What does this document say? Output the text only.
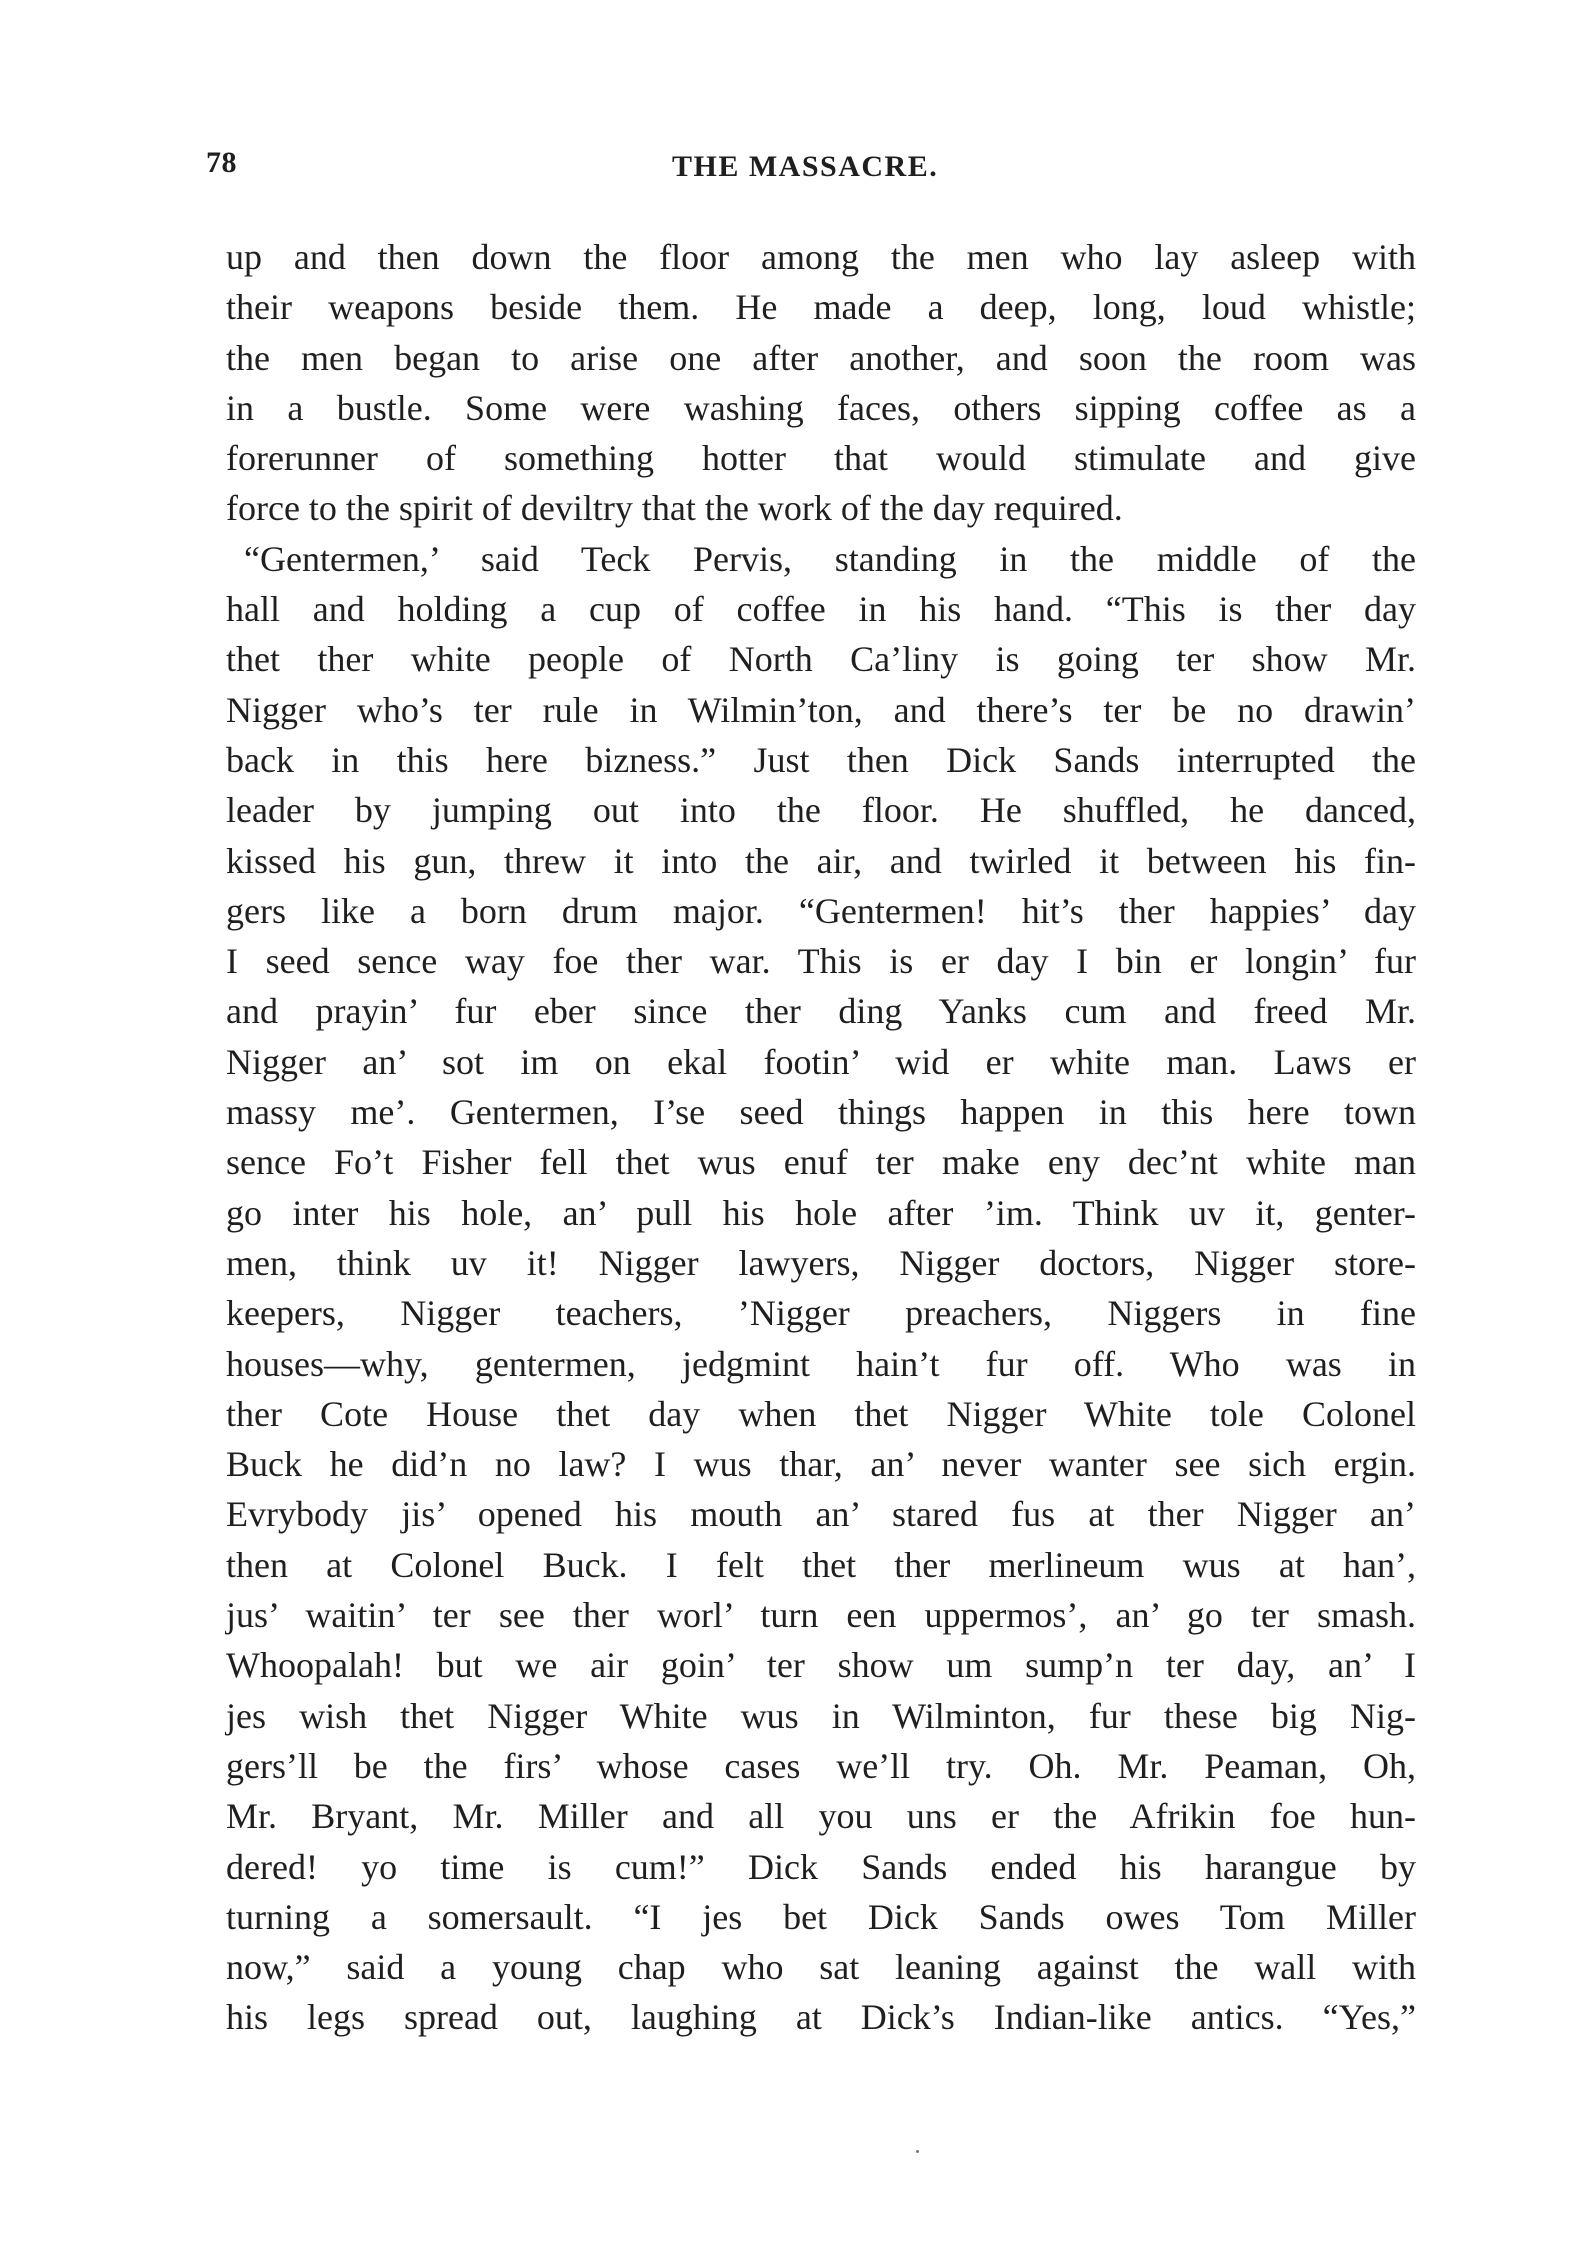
78	THE MASSACRE.
up and then down the floor among the men who lay asleep with
their weapons beside them. He made a deep, long, loud whistle;
the men began to arise one after another, and soon the room was
in a bustle. Some were washing faces, others sipping coffee as a
forerunner of something hotter that would stimulate and give
force to the spirit of deviltry that the work of the day required.
“Gentermen,’ said Teck Pervis, standing in the middle of the
hall and holding a cup of coffee in his hand. “This is ther day
thet ther white people of North Ca’liny is going ter show Mr.
Nigger who’s ter rule in Wilmin’ton, and there’s ter be no drawin’
back in this here bizness.” Just then Dick Sands interrupted the
leader by jumping out into the floor. He shuffled, he danced,
kissed his gun, threw it into the air, and twirled it between his fin-
gers like a born drum major. “Gentermen! hit’s ther happies’ day
I seed sence way foe ther war. This is er day I bin er longin’ fur
and prayin’ fur eber since ther ding Yanks cum and freed Mr.
Nigger an’ sot im on ekal footin’ wid er white man. Laws er
massy me’. Gentermen, I’se seed things happen in this here town
sence Fo’t Fisher fell thet wus enuf ter make eny dec’nt white man
go inter his hole, an’ pull his hole after ’im. Think uv it, genter-
men, think uv it! Nigger lawyers, Nigger doctors, Nigger store-
keepers, Nigger teachers, ’Nigger preachers, Niggers in fine
houses—why, gentermen, jedgmint hain’t fur off. Who was in
ther Cote House thet day when thet Nigger White tole Colonel
Buck he did’n no law? I wus thar, an’ never wanter see sich ergin.
Evrybody jis’ opened his mouth an’ stared fus at ther Nigger an’
then at Colonel Buck. I felt thet ther merlineum wus at han’,
jus’ waitin’ ter see ther worl’ turn een uppermos’, an’ go ter smash.
Whoopalah! but we air goin’ ter show um sump’n ter day, an’ I
jes wish thet Nigger White wus in Wilminton, fur these big Nig-
gers’ll be the firs’ whose cases we’ll try. Oh. Mr. Peaman, Oh,
Mr. Bryant, Mr. Miller and all you uns er the Afrikin foe hun-
dered! yo time is cum!” Dick Sands ended his harangue by
turning a somersault. “I jes bet Dick Sands owes Tom Miller
now,” said a young chap who sat leaning against the wall with
his legs spread out, laughing at Dick’s Indian-like antics. “Yes,”
